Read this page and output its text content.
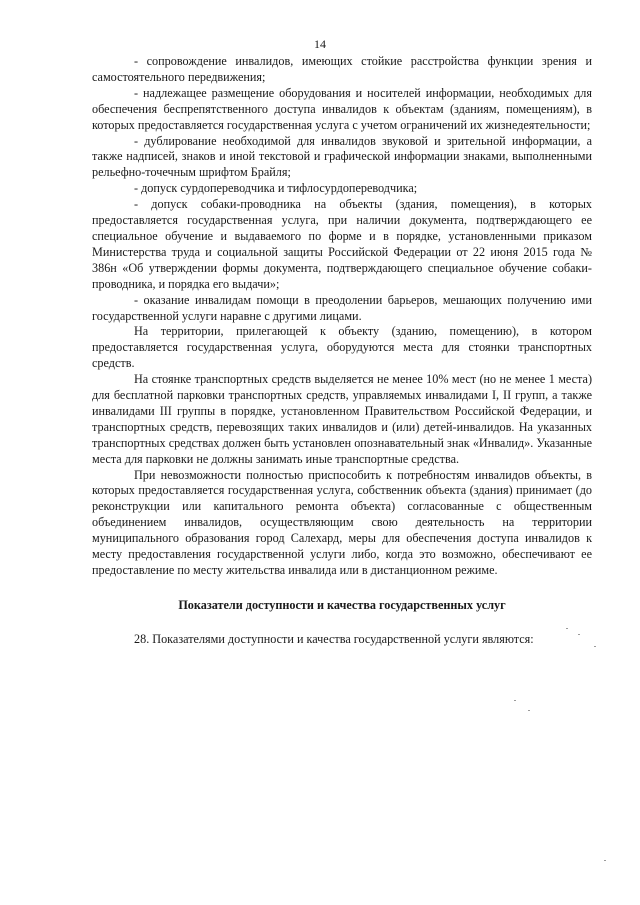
14

- сопровождение инвалидов, имеющих стойкие расстройства функции зрения и самостоятельного передвижения;

- надлежащее размещение оборудования и носителей информации, необходимых для обеспечения беспрепятственного доступа инвалидов к объектам (зданиям, помещениям), в которых предоставляется государственная услуга с учетом ограничений их жизнедеятельности;

- дублирование необходимой для инвалидов звуковой и зрительной информации, а также надписей, знаков и иной текстовой и графической информации знаками, выполненными рельефно-точечным шрифтом Брайля;

- допуск сурдопереводчика и тифлосурдопереводчика;

- допуск собаки-проводника на объекты (здания, помещения), в которых предоставляется государственная услуга, при наличии документа, подтверждающего ее специальное обучение и выдаваемого по форме и в порядке, установленными приказом Министерства труда и социальной защиты Российской Федерации от 22 июня 2015 года № 386н «Об утверждении формы документа, подтверждающего специальное обучение собаки-проводника, и порядка его выдачи»;

- оказание инвалидам помощи в преодолении барьеров, мешающих получению ими государственной услуги наравне с другими лицами.

На территории, прилегающей к объекту (зданию, помещению), в котором предоставляется государственная услуга, оборудуются места для стоянки транспортных средств.

На стоянке транспортных средств выделяется не менее 10% мест (но не менее 1 места) для бесплатной парковки транспортных средств, управляемых инвалидами I, II групп, а также инвалидами III группы в порядке, установленном Правительством Российской Федерации, и транспортных средств, перевозящих таких инвалидов и (или) детей-инвалидов. На указанных транспортных средствах должен быть установлен опознавательный знак «Инвалид». Указанные места для парковки не должны занимать иные транспортные средства.

При невозможности полностью приспособить к потребностям инвалидов объекты, в которых предоставляется государственная услуга, собственник объекта (здания) принимает (до реконструкции или капитального ремонта объекта) согласованные с общественным объединением инвалидов, осуществляющим свою деятельность на территории муниципального образования город Салехард, меры для обеспечения доступа инвалидов к месту предоставления государственной услуги либо, когда это возможно, обеспечивают ее предоставление по месту жительства инвалида или в дистанционном режиме.

Показатели доступности и качества государственных услуг

28. Показателями доступности и качества государственной услуги являются:
